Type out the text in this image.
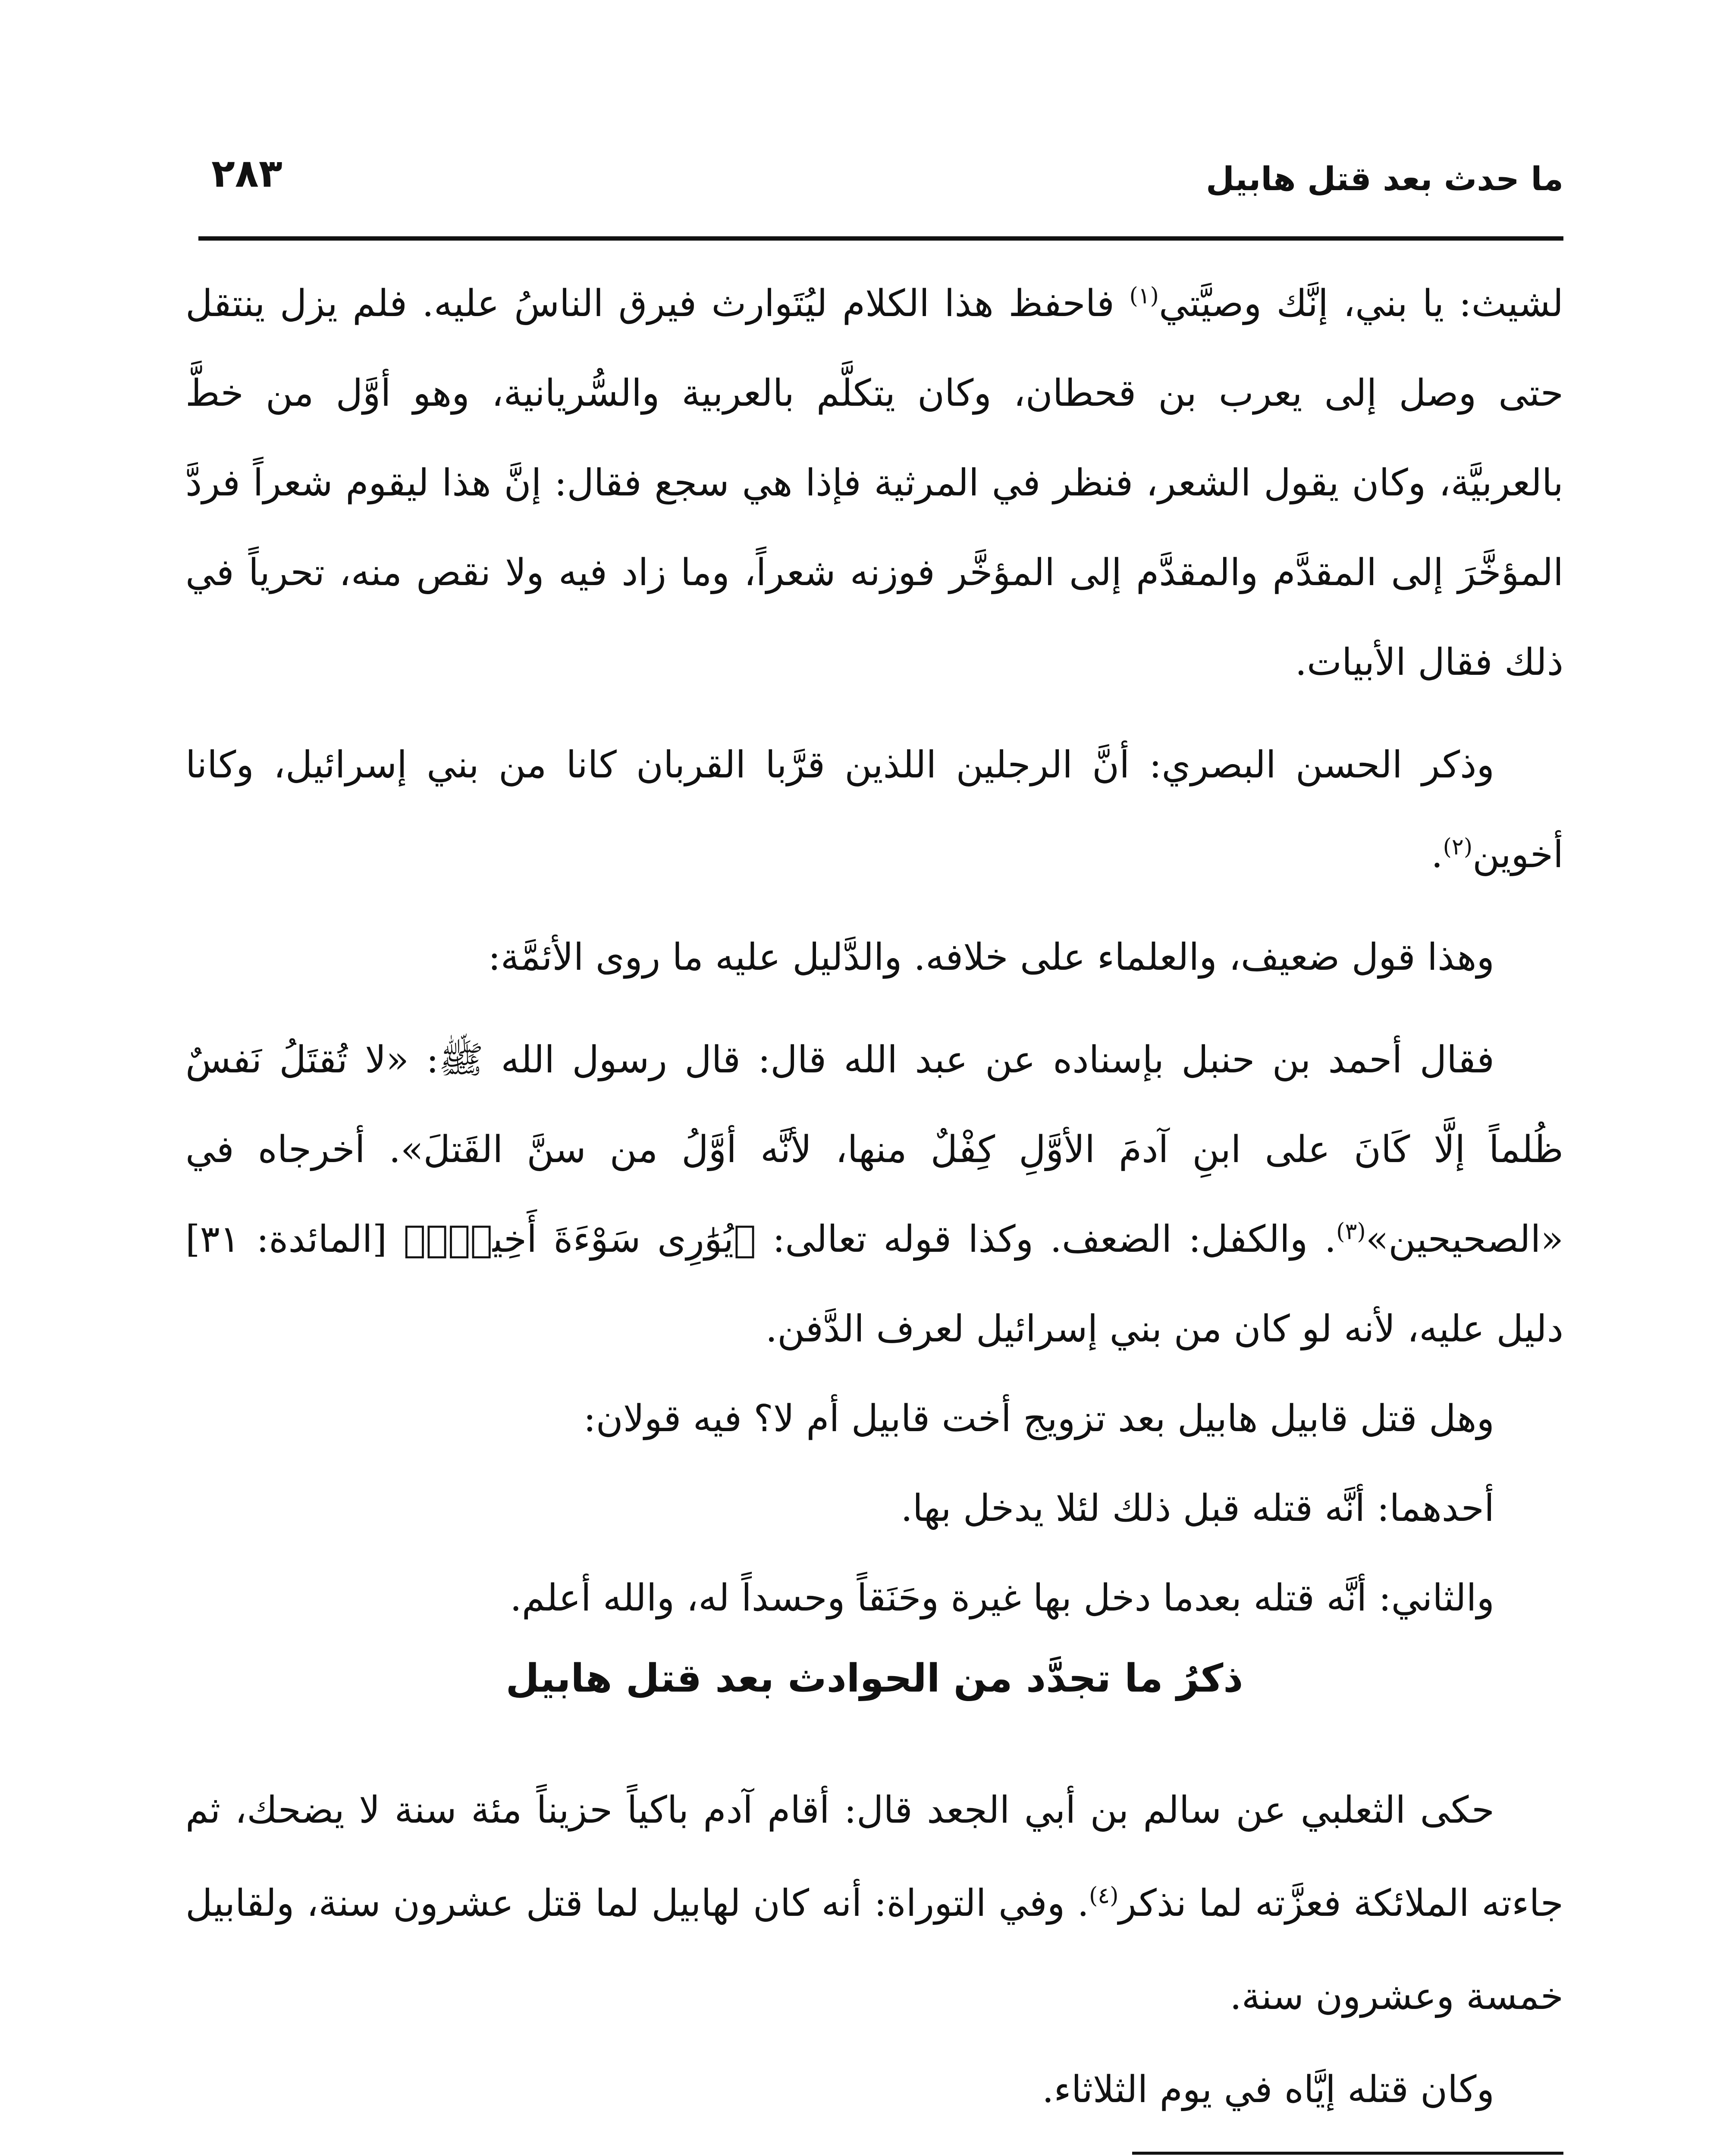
ما حدث بعد قتل هابيل
٢٨٣

لشيث: يا بني، إنَّك وصيَّتي$^{(١)}$ فاحفظ هذا الكلام ليُتَوارث فيرق الناسُ عليه. فلم يزل ينتقل حتى وصل إلى يعرب بن قحطان، وكان يتكلَّم بالعربية والسُّريانية، وهو أوَّل من خطَّ بالعربيَّة، وكان يقول الشعر، فنظر في المرثية فإذا هي سجع فقال: إنَّ هذا ليقوم شعراً فردَّ المؤخَّرَ إلى المقدَّم والمقدَّم إلى المؤخَّر فوزنه شعراً، وما زاد فيه ولا نقص منه، تحرياً في ذلك فقال الأبيات.

وذكر الحسن البصري: أنَّ الرجلين اللذين قرَّبا القربان كانا من بني إسرائيل، وكانا أخوين$^{(٢)}$.

وهذا قول ضعيف، والعلماء على خلافه. والدَّليل عليه ما روى الأئمَّة:

فقال أحمد بن حنبل بإسناده عن عبد الله قال: قال رسول الله ﷺ: «لا تُقتَلُ نَفسٌ ظُلماً إلَّا كَانَ على ابنِ آدمَ الأوَّلِ كِفْلٌ منها، لأنَّه أوَّلُ من سنَّ القَتلَ». أخرجاه في «الصحيحين»$^{(٣)}$. والكفل: الضعف. وكذا قوله تعالى: ﴿يُوَٰرِى سَوْءَةَ أَخِيهِۚ﴾ [المائدة: ٣١] دليل عليه، لأنه لو كان من بني إسرائيل لعرف الدَّفن.

وهل قتل قابيل هابيل بعد تزويج أخت قابيل أم لا؟ فيه قولان:

أحدهما: أنَّه قتله قبل ذلك لئلا يدخل بها.

والثاني: أنَّه قتله بعدما دخل بها غيرة وحَنَقاً وحسداً له، والله أعلم.

ذكرُ ما تجدَّد من الحوادث بعد قتل هابيل

حكى الثعلبي عن سالم بن أبي الجعد قال: أقام آدم باكياً حزيناً مئة سنة لا يضحك، ثم جاءته الملائكة فعزَّته لما نذكر$^{(٤)}$. وفي التوراة: أنه كان لهابيل لما قتل عشرون سنة، ولقابيل خمسة وعشرون سنة.

وكان قتله إيَّاه في يوم الثلاثاء.
